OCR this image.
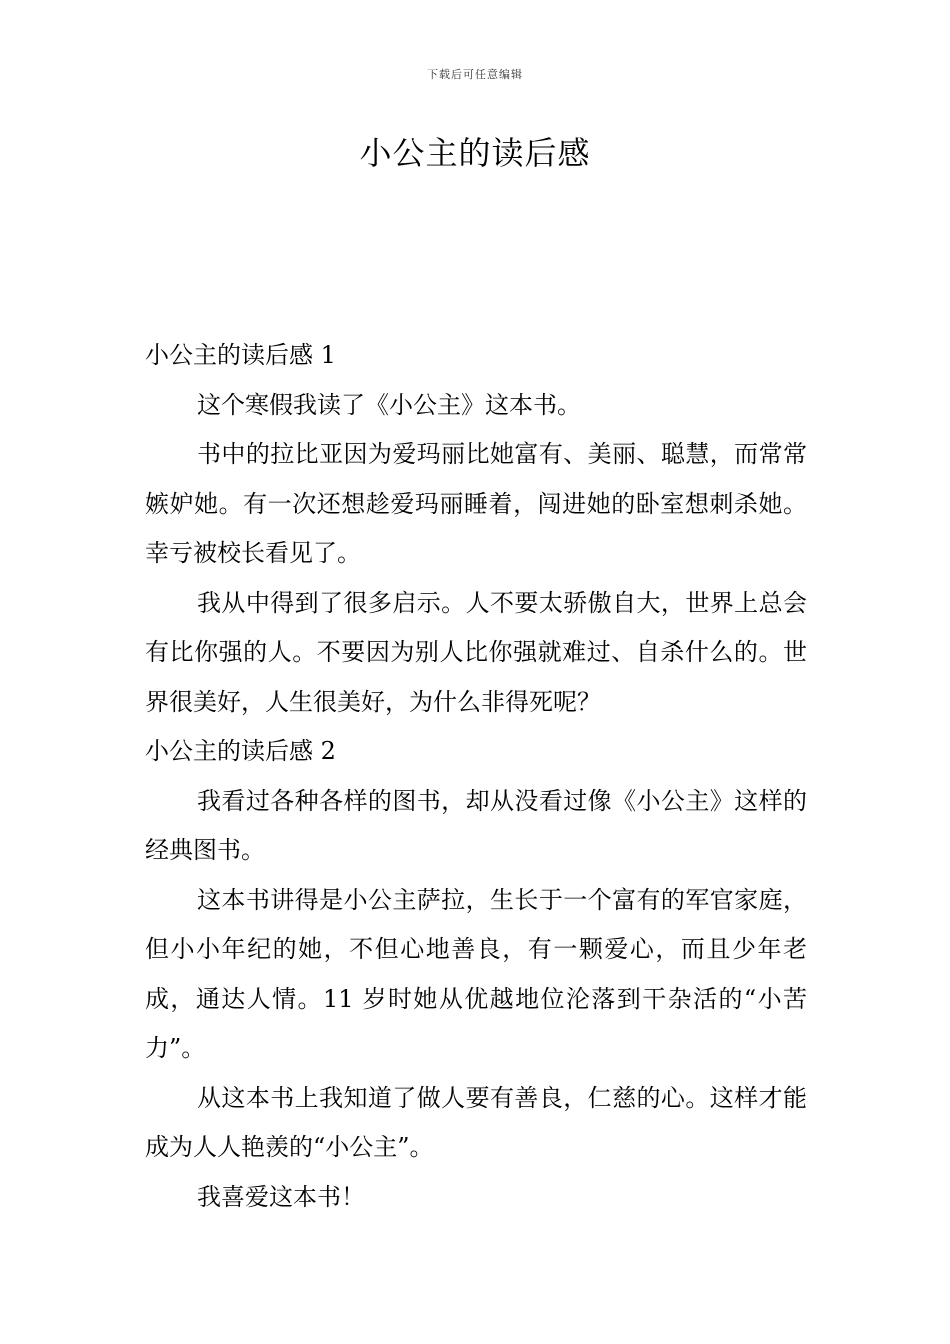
下载后可任意编辑
小公主的读后感

小公主的读后感 1

这个寒假我读了《小公主》这本书。

书中的拉比亚因为爱玛丽比她富有、美丽、聪慧，而常常嫉妒她。有一次还想趁爱玛丽睡着，闯进她的卧室想刺杀她。幸亏被校长看见了。

我从中得到了很多启示。人不要太骄傲自大，世界上总会有比你强的人。不要因为别人比你强就难过、自杀什么的。世界很美好，人生很美好，为什么非得死呢？

小公主的读后感 2

我看过各种各样的图书，却从没看过像《小公主》这样的经典图书。

这本书讲得是小公主萨拉，生长于一个富有的军官家庭，但小小年纪的她，不但心地善良，有一颗爱心，而且少年老成，通达人情。11 岁时她从优越地位沦落到干杂活的“小苦力”。

从这本书上我知道了做人要有善良，仁慈的心。这样才能成为人人艳羡的“小公主”。

我喜爱这本书！
